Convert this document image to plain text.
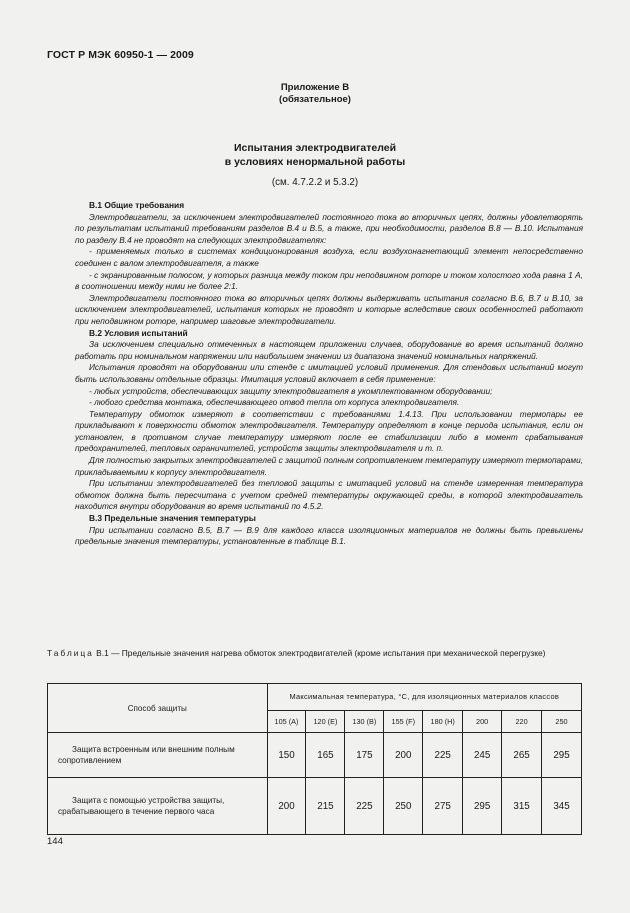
ГОСТ Р МЭК 60950-1 — 2009
Приложение В
(обязательное)
Испытания электродвигателей
в условиях ненормальной работы
(см. 4.7.2.2 и 5.3.2)
В.1 Общие требования

Электродвигатели, за исключением электродвигателей постоянного тока во вторичных цепях, должны удовлетворять по результатам испытаний требованиям разделов В.4 и В.5, а также, при необходимости, разделов В.8 — В.10. Испытания по разделу В.4 не проводят на следующих электродвигателях:

- применяемых только в системах кондиционирования воздуха, если воздухонагнетающий элемент непосредственно соединен с валом электродвигателя, а также

- с экранированным полюсом, у которых разница между током при неподвижном роторе и током холостого хода равна 1 А, в соотношении между ними не более 2:1.

Электродвигатели постоянного тока во вторичных цепях должны выдерживать испытания согласно В.6, В.7 и В.10, за исключением электродвигателей, испытания которых не проводят и которые вследствие своих особенностей работают при неподвижном роторе, например шаговые электродвигатели.

В.2 Условия испытаний

За исключением специально отмеченных в настоящем приложении случаев, оборудование во время испытаний должно работать при номинальном напряжении или наибольшем значении из диапазона значений номинальных напряжений.

Испытания проводят на оборудовании или стенде с имитацией условий применения. Для стендовых испытаний могут быть использованы отдельные образцы. Имитация условий включает в себя применение:

- любых устройств, обеспечивающих защиту электродвигателя в укомплектованном оборудовании;

- любого средства монтажа, обеспечивающего отвод тепла от корпуса электродвигателя.

Температуру обмоток измеряют в соответствии с требованиями 1.4.13. При использовании термопары ее прикладывают к поверхности обмоток электродвигателя. Температуру определяют в конце периода испытания, если он установлен, в противном случае температуру измеряют после ее стабилизации либо в момент срабатывания предохранителей, тепловых ограничителей, устройств защиты электродвигателя и т. п.

Для полностью закрытых электродвигателей с защитой полным сопротивлением температуру измеряют термопарами, прикладываемыми к корпусу электродвигателя.

При испытании электродвигателей без тепловой защиты с имитацией условий на стенде измеренная температура обмоток должна быть пересчитана с учетом средней температуры окружающей среды, в которой электродвигатель находится внутри оборудования во время испытаний по 4.5.2.

В.3 Предельные значения температуры

При испытании согласно В.5, В.7 — В.9 для каждого класса изоляционных материалов не должны быть превышены предельные значения температуры, установленные в таблице В.1.

Таблица В.1 — Предельные значения нагрева обмоток электродвигателей (кроме испытания при механической перегрузке)
Способ защиты	Максимальная температура, °С, для изоляционных материалов классов							
	105 (А)	120 (Е)	130 (В)	155 (F)	180 (Н)	200	220	250

Защита встроенным или внешним полным сопротивлением	150	165	175	200	225	245	265	295

Защита с помощью устройства защиты, срабатывающего в течение первого часа	200	215	225	250	275	295	315	345
144
